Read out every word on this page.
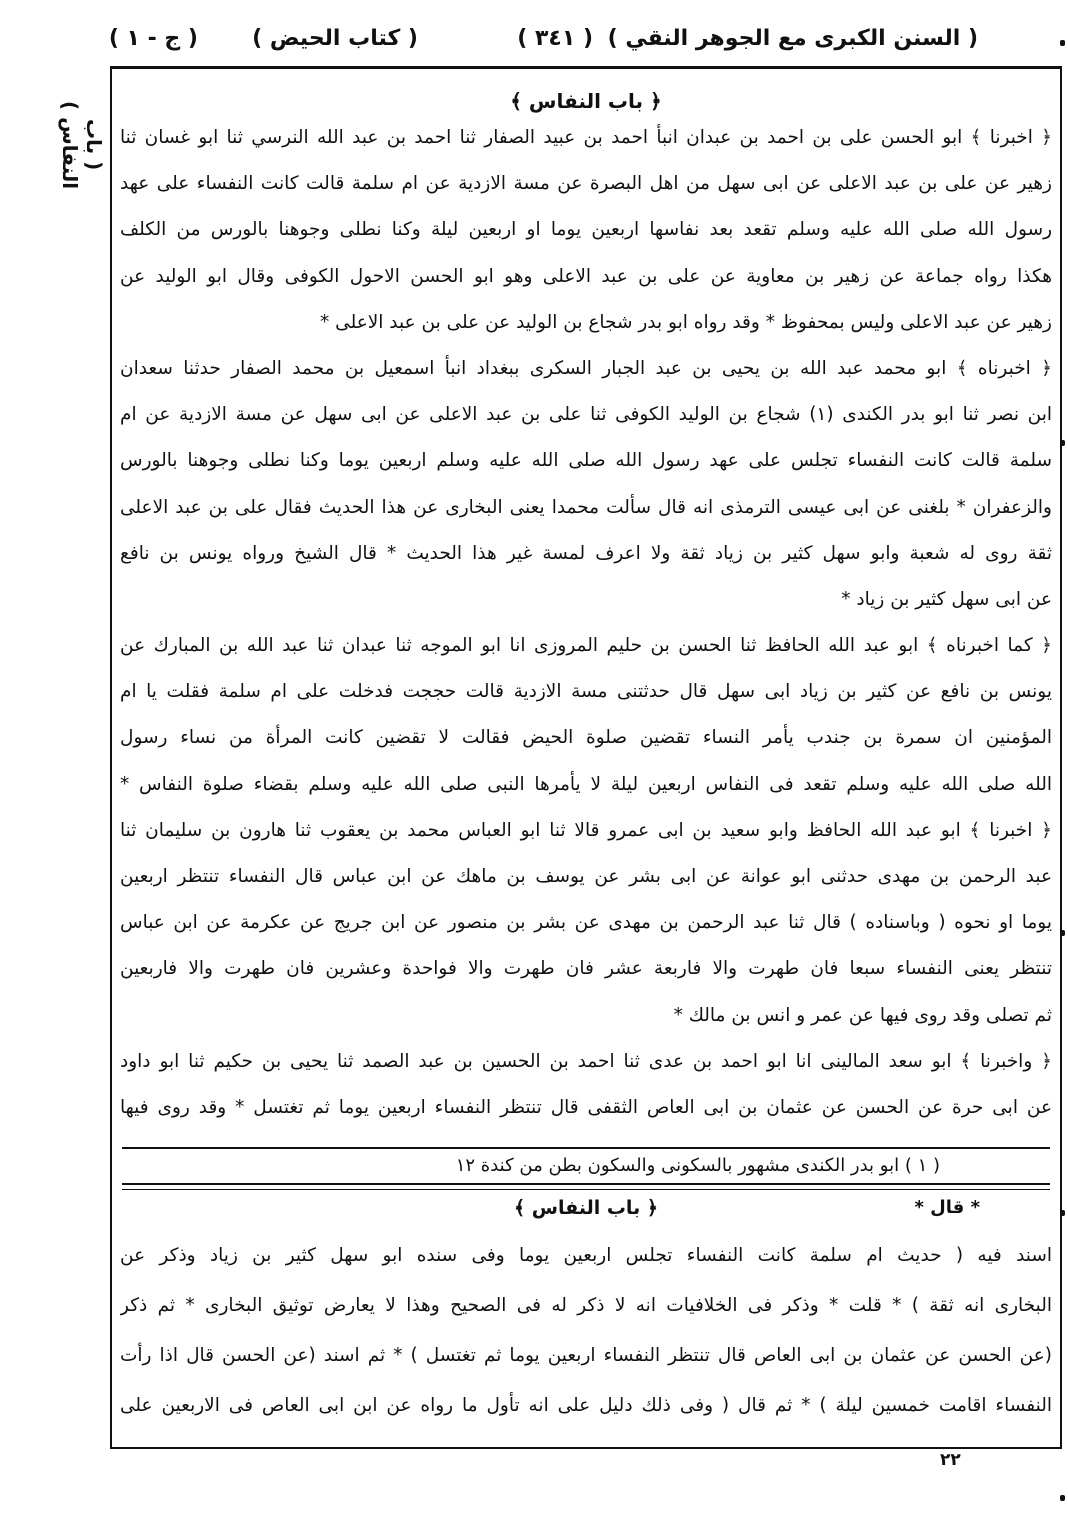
( السنن الكبرى مع الجوهر النقي )
( ٣٤١ )
( كتاب الحيض )
( ج - ١ )
( باب النفاس )	﴿ باب النفاس ﴾
﴿ اخبرنا ﴾ ابو الحسن على بن احمد بن عبدان انبأ احمد بن عبيد الصفار ثنا احمد بن عبد الله النرسي ثنا ابو غسان ثنا
زهير عن على بن عبد الاعلى عن ابى سهل من اهل البصرة عن مسة الازدية عن ام سلمة قالت كانت النفساء على عهد
رسول الله صلى الله عليه وسلم تقعد بعد نفاسها اربعين يوما او اربعين ليلة وكنا نطلى وجوهنا بالورس من الكلف
هكذا رواه جماعة عن زهير بن معاوية عن على بن عبد الاعلى وهو ابو الحسن الاحول الكوفى وقال ابو الوليد عن
زهير عن عبد الاعلى وليس بمحفوظ * وقد رواه ابو بدر شجاع بن الوليد عن على بن عبد الاعلى *
﴿ اخبرناه ﴾ ابو محمد عبد الله بن يحيى بن عبد الجبار السكرى ببغداد انبأ اسمعيل بن محمد الصفار حدثنا سعدان
ابن نصر ثنا ابو بدر الكندى (١) شجاع بن الوليد الكوفى ثنا على بن عبد الاعلى عن ابى سهل عن مسة الازدية عن ام
سلمة قالت كانت النفساء تجلس على عهد رسول الله صلى الله عليه وسلم اربعين يوما وكنا نطلى وجوهنا بالورس
والزعفران * بلغنى عن ابى عيسى الترمذى انه قال سألت محمدا يعنى البخارى عن هذا الحديث فقال على بن عبد الاعلى
ثقة روى له شعبة وابو سهل كثير بن زياد ثقة ولا اعرف لمسة غير هذا الحديث * قال الشيخ ورواه يونس بن نافع
عن ابى سهل كثير بن زياد *
﴿ كما اخبرناه ﴾ ابو عبد الله الحافظ ثنا الحسن بن حليم المروزى انا ابو الموجه ثنا عبدان ثنا عبد الله بن المبارك عن
يونس بن نافع عن كثير بن زياد ابى سهل قال حدثتنى مسة الازدية قالت حججت فدخلت على ام سلمة فقلت يا ام
المؤمنين ان سمرة بن جندب يأمر النساء تقضين صلوة الحيض فقالت لا تقضين كانت المرأة من نساء رسول
الله صلى الله عليه وسلم تقعد فى النفاس اربعين ليلة لا يأمرها النبى صلى الله عليه وسلم بقضاء صلوة النفاس *
﴿ اخبرنا ﴾ ابو عبد الله الحافظ وابو سعيد بن ابى عمرو قالا ثنا ابو العباس محمد بن يعقوب ثنا هارون بن سليمان ثنا
عبد الرحمن بن مهدى حدثنى ابو عوانة عن ابى بشر عن يوسف بن ماهك عن ابن عباس قال النفساء تنتظر اربعين
يوما او نحوه ( وباسناده ) قال ثنا عبد الرحمن بن مهدى عن بشر بن منصور عن ابن جريج عن عكرمة عن ابن عباس
تنتظر يعنى النفساء سبعا فان طهرت والا فاربعة عشر فان طهرت والا فواحدة وعشرين فان طهرت والا فاربعين
ثم تصلى وقد روى فيها عن عمر و انس بن مالك *
﴿ واخبرنا ﴾ ابو سعد المالينى انا ابو احمد بن عدى ثنا احمد بن الحسين بن عبد الصمد ثنا يحيى بن حكيم ثنا ابو داود
عن ابى حرة عن الحسن عن عثمان بن ابى العاص الثقفى قال تنتظر النفساء اربعين يوما ثم تغتسل * وقد روى فيها
( ١ ) ابو بدر الكندى مشهور بالسكونى والسكون بطن من كندة ١٢
* قال *
﴿ باب النفاس ﴾
اسند فيه ( حديث ام سلمة كانت النفساء تجلس اربعين يوما وفى سنده ابو سهل كثير بن زياد وذكر عن
البخارى انه ثقة ) * قلت * وذكر فى الخلافيات انه لا ذكر له فى الصحيح وهذا لا يعارض توثيق البخارى * ثم ذكر
(عن الحسن عن عثمان بن ابى العاص قال تنتظر النفساء اربعين يوما ثم تغتسل ) * ثم اسند (عن الحسن قال اذا رأت
النفساء اقامت خمسين ليلة ) * ثم قال ( وفى ذلك دليل على انه تأول ما رواه عن ابن ابى العاص فى الاربعين على
٢٢
